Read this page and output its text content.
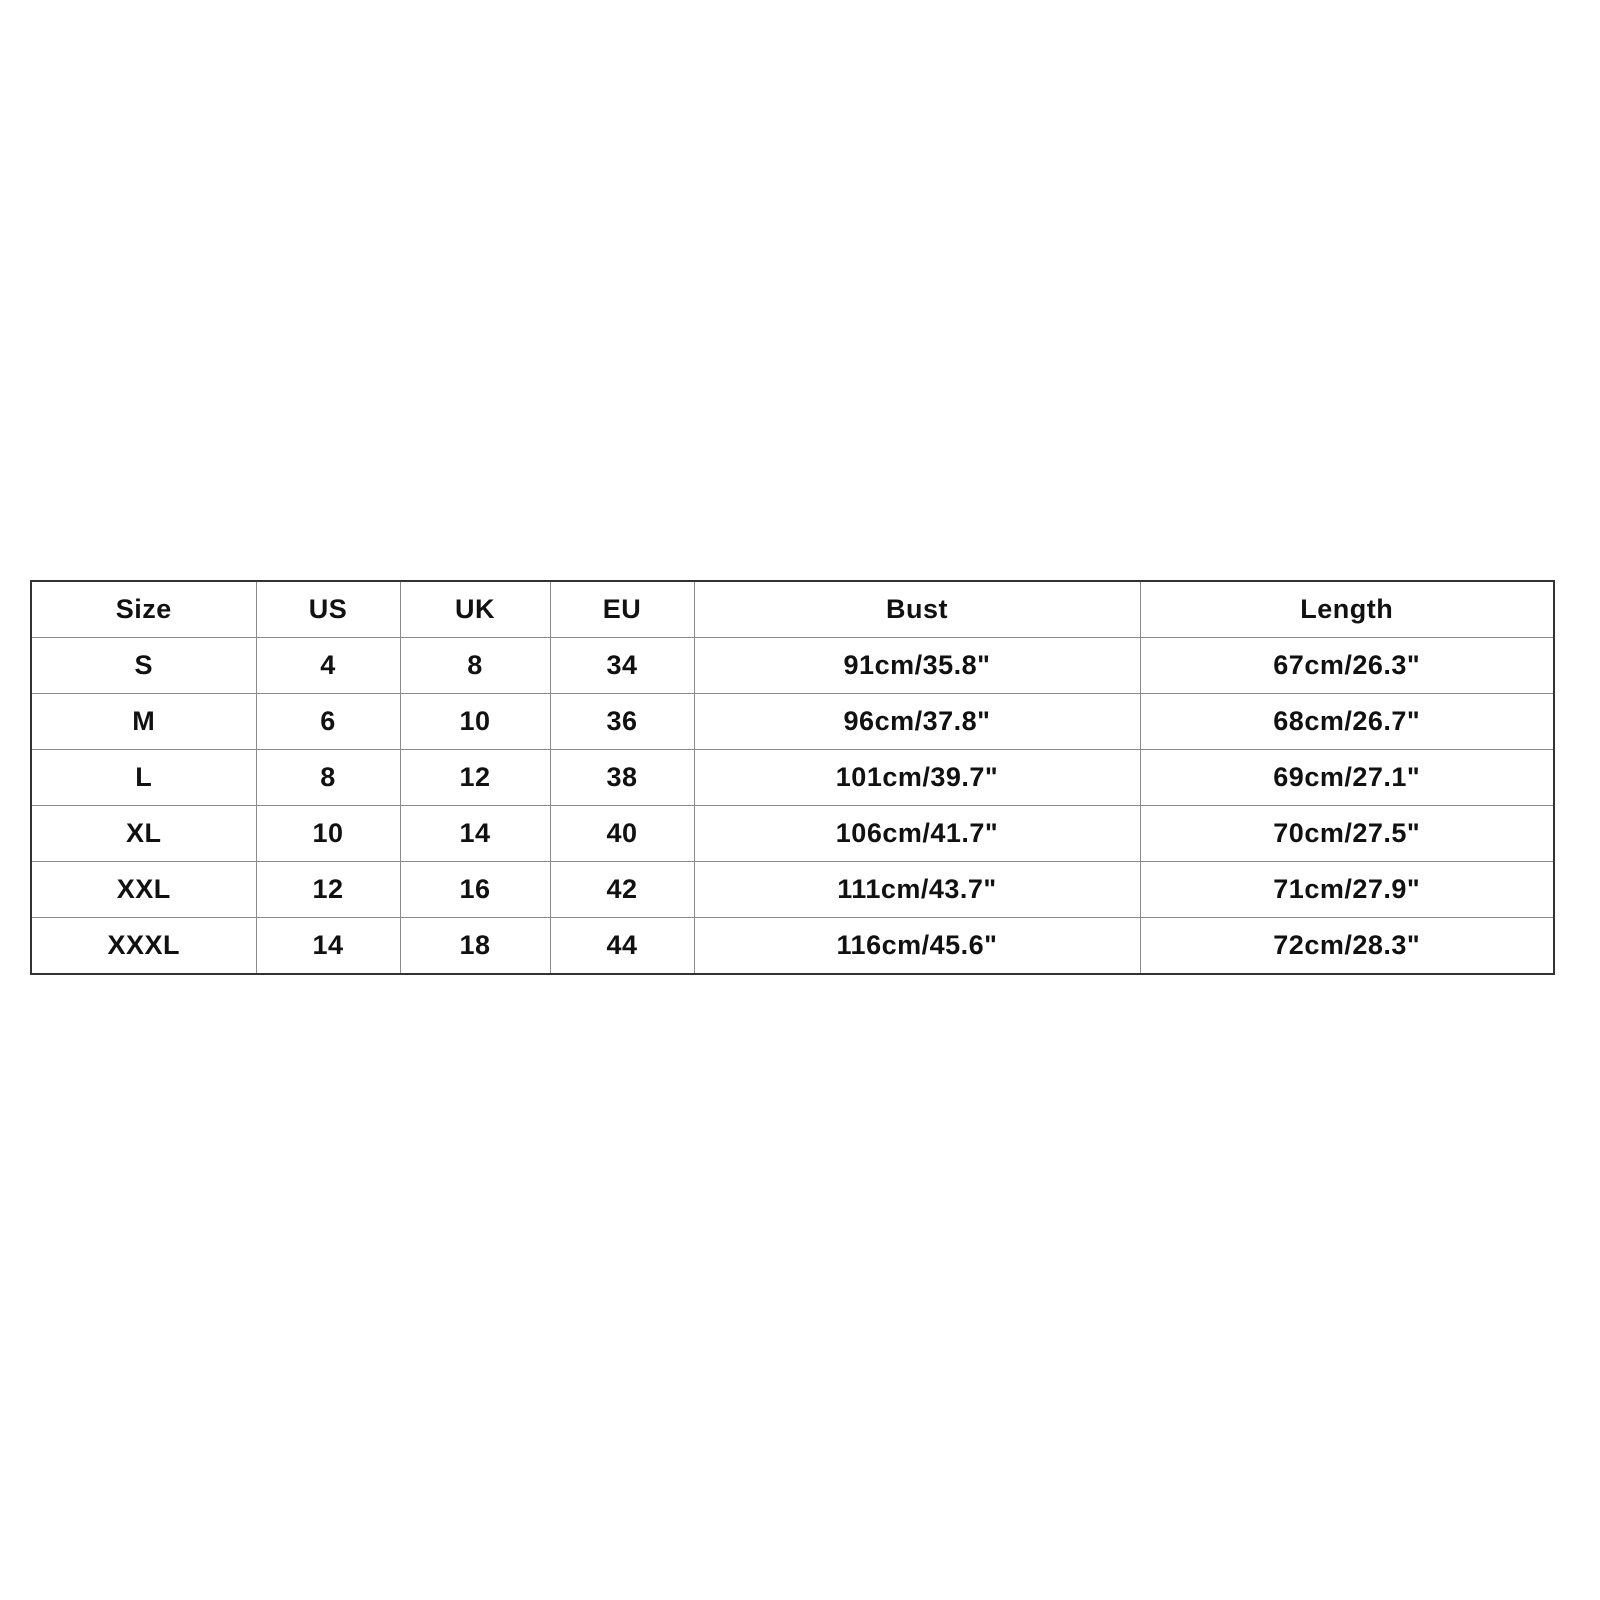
Size	US	UK	EU	Bust	Length
S	4	8	34	91cm/35.8"	67cm/26.3"
M	6	10	36	96cm/37.8"	68cm/26.7"
L	8	12	38	101cm/39.7"	69cm/27.1"
XL	10	14	40	106cm/41.7"	70cm/27.5"
XXL	12	16	42	111cm/43.7"	71cm/27.9"
XXXL	14	18	44	116cm/45.6"	72cm/28.3"
